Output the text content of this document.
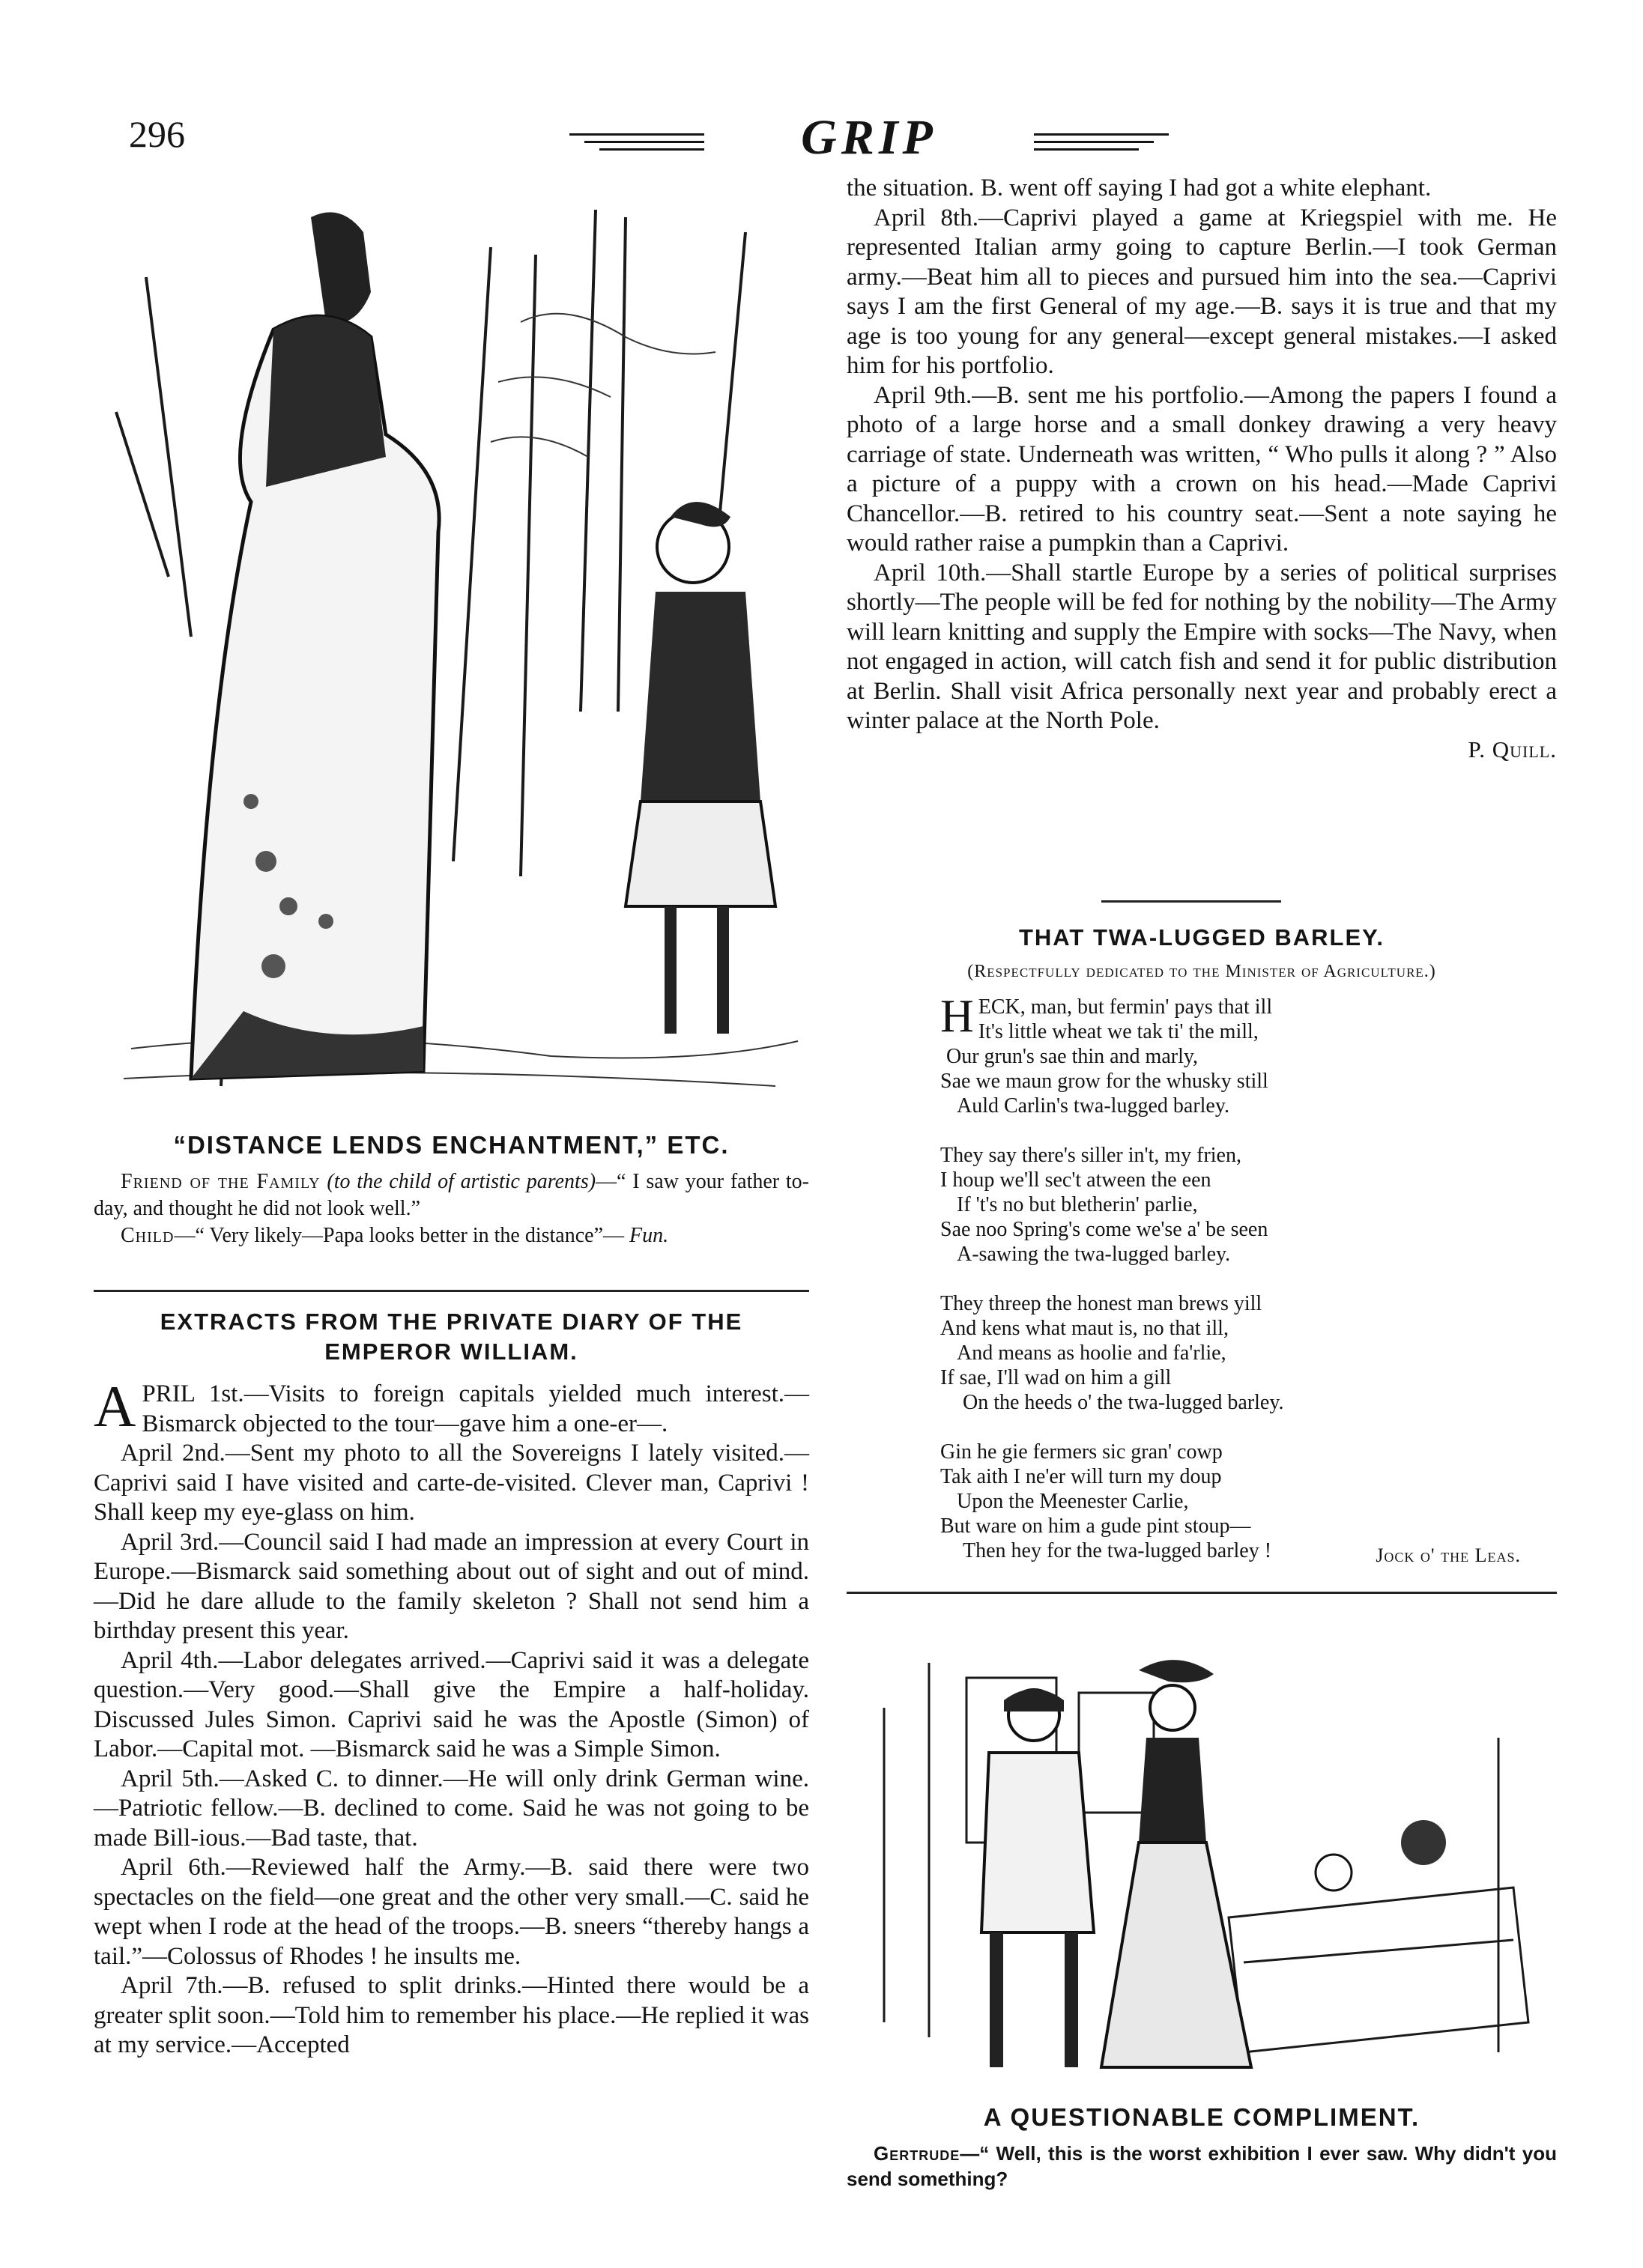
296	GRIP
“DISTANCE LENDS ENCHANTMENT,” ETC.
Friend of the Family (to the child of artistic parents)—“ I saw your father to-day, and thought he did not look well.”
Child—“ Very likely—Papa looks better in the distance”— Fun.
EXTRACTS FROM THE PRIVATE DIARY OF THE EMPEROR WILLIAM.

APRIL 1st.—Visits to foreign capitals yielded much interest.—Bismarck objected to the tour—gave him a one-er—.

April 2nd.—Sent my photo to all the Sovereigns I lately visited.—Caprivi said I have visited and carte-de-visited. Clever man, Caprivi ! Shall keep my eye-glass on him.

April 3rd.—Council said I had made an impression at every Court in Europe.—Bismarck said something about out of sight and out of mind.—Did he dare allude to the family skeleton ? Shall not send him a birthday present this year.

April 4th.—Labor delegates arrived.—Caprivi said it was a delegate question.—Very good.—Shall give the Empire a half-holiday. Discussed Jules Simon. Caprivi said he was the Apostle (Simon) of Labor.—Capital mot. —Bismarck said he was a Simple Simon.

April 5th.—Asked C. to dinner.—He will only drink German wine.—Patriotic fellow.—B. declined to come. Said he was not going to be made Bill-ious.—Bad taste, that.

April 6th.—Reviewed half the Army.—B. said there were two spectacles on the field—one great and the other very small.—C. said he wept when I rode at the head of the troops.—B. sneers “thereby hangs a tail.”—Colossus of Rhodes ! he insults me.

April 7th.—B. refused to split drinks.—Hinted there would be a greater split soon.—Told him to remember his place.—He replied it was at my service.—Accepted

the situation. B. went off saying I had got a white elephant.

April 8th.—Caprivi played a game at Kriegspiel with me. He represented Italian army going to capture Berlin.—I took German army.—Beat him all to pieces and pursued him into the sea.—Caprivi says I am the first General of my age.—B. says it is true and that my age is too young for any general—except general mistakes.—I asked him for his portfolio.

April 9th.—B. sent me his portfolio.—Among the papers I found a photo of a large horse and a small donkey drawing a very heavy carriage of state. Underneath was written, “ Who pulls it along ? ” Also a picture of a puppy with a crown on his head.—Made Caprivi Chancellor.—B. retired to his country seat.—Sent a note saying he would rather raise a pumpkin than a Caprivi.

April 10th.—Shall startle Europe by a series of political surprises shortly—The people will be fed for nothing by the nobility—The Army will learn knitting and supply the Empire with socks—The Navy, when not engaged in action, will catch fish and send it for public distribution at Berlin. Shall visit Africa personally next year and probably erect a winter palace at the North Pole.

P. Quill.
THAT TWA-LUGGED BARLEY.
(Respectfully dedicated to the Minister of Agriculture.)
H ECK, man, but fermin' pays that ill
It's little wheat we tak ti' the mill,
Our grun's sae thin and marly,
Sae we maun grow for the whusky still
Auld Carlin's twa-lugged barley.
They say there's siller in't, my frien,
I houp we'll sec't atween the een
If 't's no but bletherin' parlie,
Sae noo Spring's come we'se a' be seen
A-sawing the twa-lugged barley.
They threep the honest man brews yill
And kens what maut is, no that ill,
And means as hoolie and fa'rlie,
If sae, I'll wad on him a gill
On the heeds o' the twa-lugged barley.
Gin he gie fermers sic gran' cowp
Tak aith I ne'er will turn my doup
Upon the Meenester Carlie,
But ware on him a gude pint stoup—
Then hey for the twa-lugged barley !	Jock o' the Leas.
A QUESTIONABLE COMPLIMENT.
Gertrude—“ Well, this is the worst exhibition I ever saw. Why didn't you send something?
